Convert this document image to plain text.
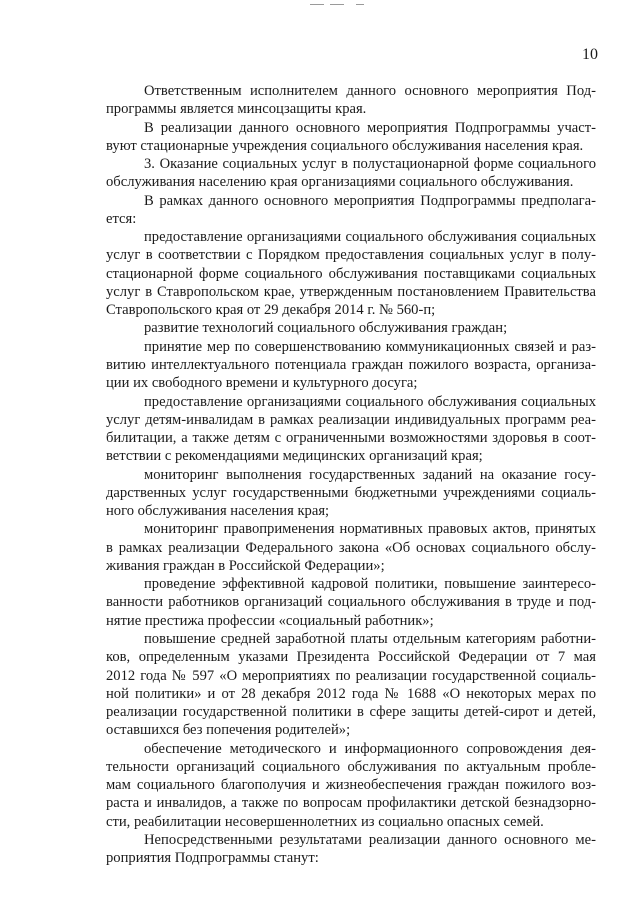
10
Ответственным исполнителем данного основного мероприятия Под-
программы является минсоцзащиты края.
В реализации данного основного мероприятия Подпрограммы участ-
вуют стационарные учреждения социального обслуживания населения края.
3. Оказание социальных услуг в полустационарной форме социального
обслуживания населению края организациями социального обслуживания.
В рамках данного основного мероприятия Подпрограммы предполага-
ется:
предоставление организациями социального обслуживания социальных
услуг в соответствии с Порядком предоставления социальных услуг в полу-
стационарной форме социального обслуживания поставщиками социальных
услуг в Ставропольском крае, утвержденным постановлением Правительства
Ставропольского края от 29 декабря 2014 г. № 560-п;
развитие технологий социального обслуживания граждан;
принятие мер по совершенствованию коммуникационных связей и раз-
витию интеллектуального потенциала граждан пожилого возраста, организа-
ции их свободного времени и культурного досуга;
предоставление организациями социального обслуживания социальных
услуг детям-инвалидам в рамках реализации индивидуальных программ реа-
билитации, а также детям с ограниченными возможностями здоровья в соот-
ветствии с рекомендациями медицинских организаций края;
мониторинг выполнения государственных заданий на оказание госу-
дарственных услуг государственными бюджетными учреждениями социаль-
ного обслуживания населения края;
мониторинг правоприменения нормативных правовых актов, принятых
в рамках реализации Федерального закона «Об основах социального обслу-
живания граждан в Российской Федерации»;
проведение эффективной кадровой политики, повышение заинтересо-
ванности работников организаций социального обслуживания в труде и под-
нятие престижа профессии «социальный работник»;
повышение средней заработной платы отдельным категориям работни-
ков, определенным указами Президента Российской Федерации от 7 мая
2012 года № 597 «О мероприятиях по реализации государственной социаль-
ной политики» и от 28 декабря 2012 года № 1688 «О некоторых мерах по
реализации государственной политики в сфере защиты детей-сирот и детей,
оставшихся без попечения родителей»;
обеспечение методического и информационного сопровождения дея-
тельности организаций социального обслуживания по актуальным пробле-
мам социального благополучия и жизнеобеспечения граждан пожилого воз-
раста и инвалидов, а также по вопросам профилактики детской безнадзорно-
сти, реабилитации несовершеннолетних из социально опасных семей.
Непосредственными результатами реализации данного основного ме-
роприятия Подпрограммы станут:
